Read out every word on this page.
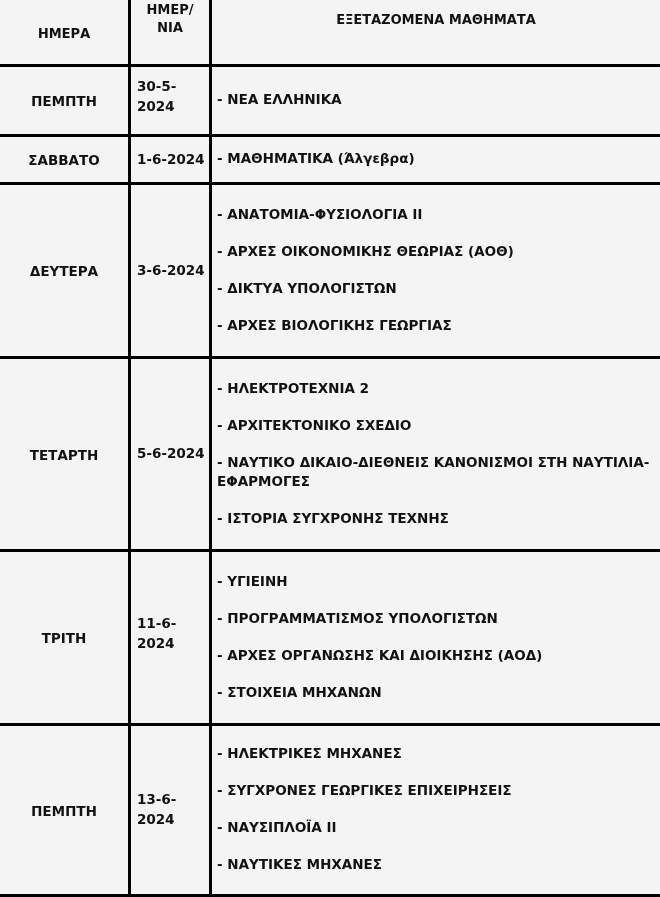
ΗΜΕΡΑ	ΗΜΕΡ/ ΝΙΑ	ΕΞΕΤΑΖΟΜΕΝΑ ΜΑΘΗΜΑΤΑ

ΠΕΜΠΤΗ	30-5- 2024	- ΝΕΑ ΕΛΛΗΝΙΚΑ

ΣΑΒΒΑΤΟ	1-6-2024	- ΜΑΘΗΜΑΤΙΚΑ (Άλγεβρα)

ΔΕΥΤΕΡΑ	3-6-2024	- ΑΝΑΤΟΜΙΑ-ΦΥΣΙΟΛΟΓΙΑ ΙΙ
- ΑΡΧΕΣ ΟΙΚΟΝΟΜΙΚΗΣ ΘΕΩΡΙΑΣ (ΑΟΘ)
- ΔΙΚΤΥΑ ΥΠΟΛΟΓΙΣΤΩΝ
- ΑΡΧΕΣ ΒΙΟΛΟΓΙΚΗΣ ΓΕΩΡΓΙΑΣ

ΤΕΤΑΡΤΗ	5-6-2024	- ΗΛΕΚΤΡΟΤΕΧΝΙΑ 2
- ΑΡΧΙΤΕΚΤΟΝΙΚΟ ΣΧΕΔΙΟ
- ΝΑΥΤΙΚΟ ΔΙΚΑΙΟ-ΔΙΕΘΝΕΙΣ ΚΑΝΟΝΙΣΜΟΙ ΣΤΗ ΝΑΥΤΙΛΙΑ-ΕΦΑΡΜΟΓΕΣ
- ΙΣΤΟΡΙΑ ΣΥΓΧΡΟΝΗΣ ΤΕΧΝΗΣ

ΤΡΙΤΗ	11-6- 2024	- ΥΓΙΕΙΝΗ
- ΠΡΟΓΡΑΜΜΑΤΙΣΜΟΣ ΥΠΟΛΟΓΙΣΤΩΝ
- ΑΡΧΕΣ ΟΡΓΑΝΩΣΗΣ ΚΑΙ ΔΙΟΙΚΗΣΗΣ (ΑΟΔ)
- ΣΤΟΙΧΕΙΑ ΜΗΧΑΝΩΝ

ΠΕΜΠΤΗ	13-6- 2024	- ΗΛΕΚΤΡΙΚΕΣ ΜΗΧΑΝΕΣ
- ΣΥΓΧΡΟΝΕΣ ΓΕΩΡΓΙΚΕΣ ΕΠΙΧΕΙΡΗΣΕΙΣ
- ΝΑΥΣΙΠΛΟΪΑ ΙΙ
- ΝΑΥΤΙΚΕΣ ΜΗΧΑΝΕΣ
